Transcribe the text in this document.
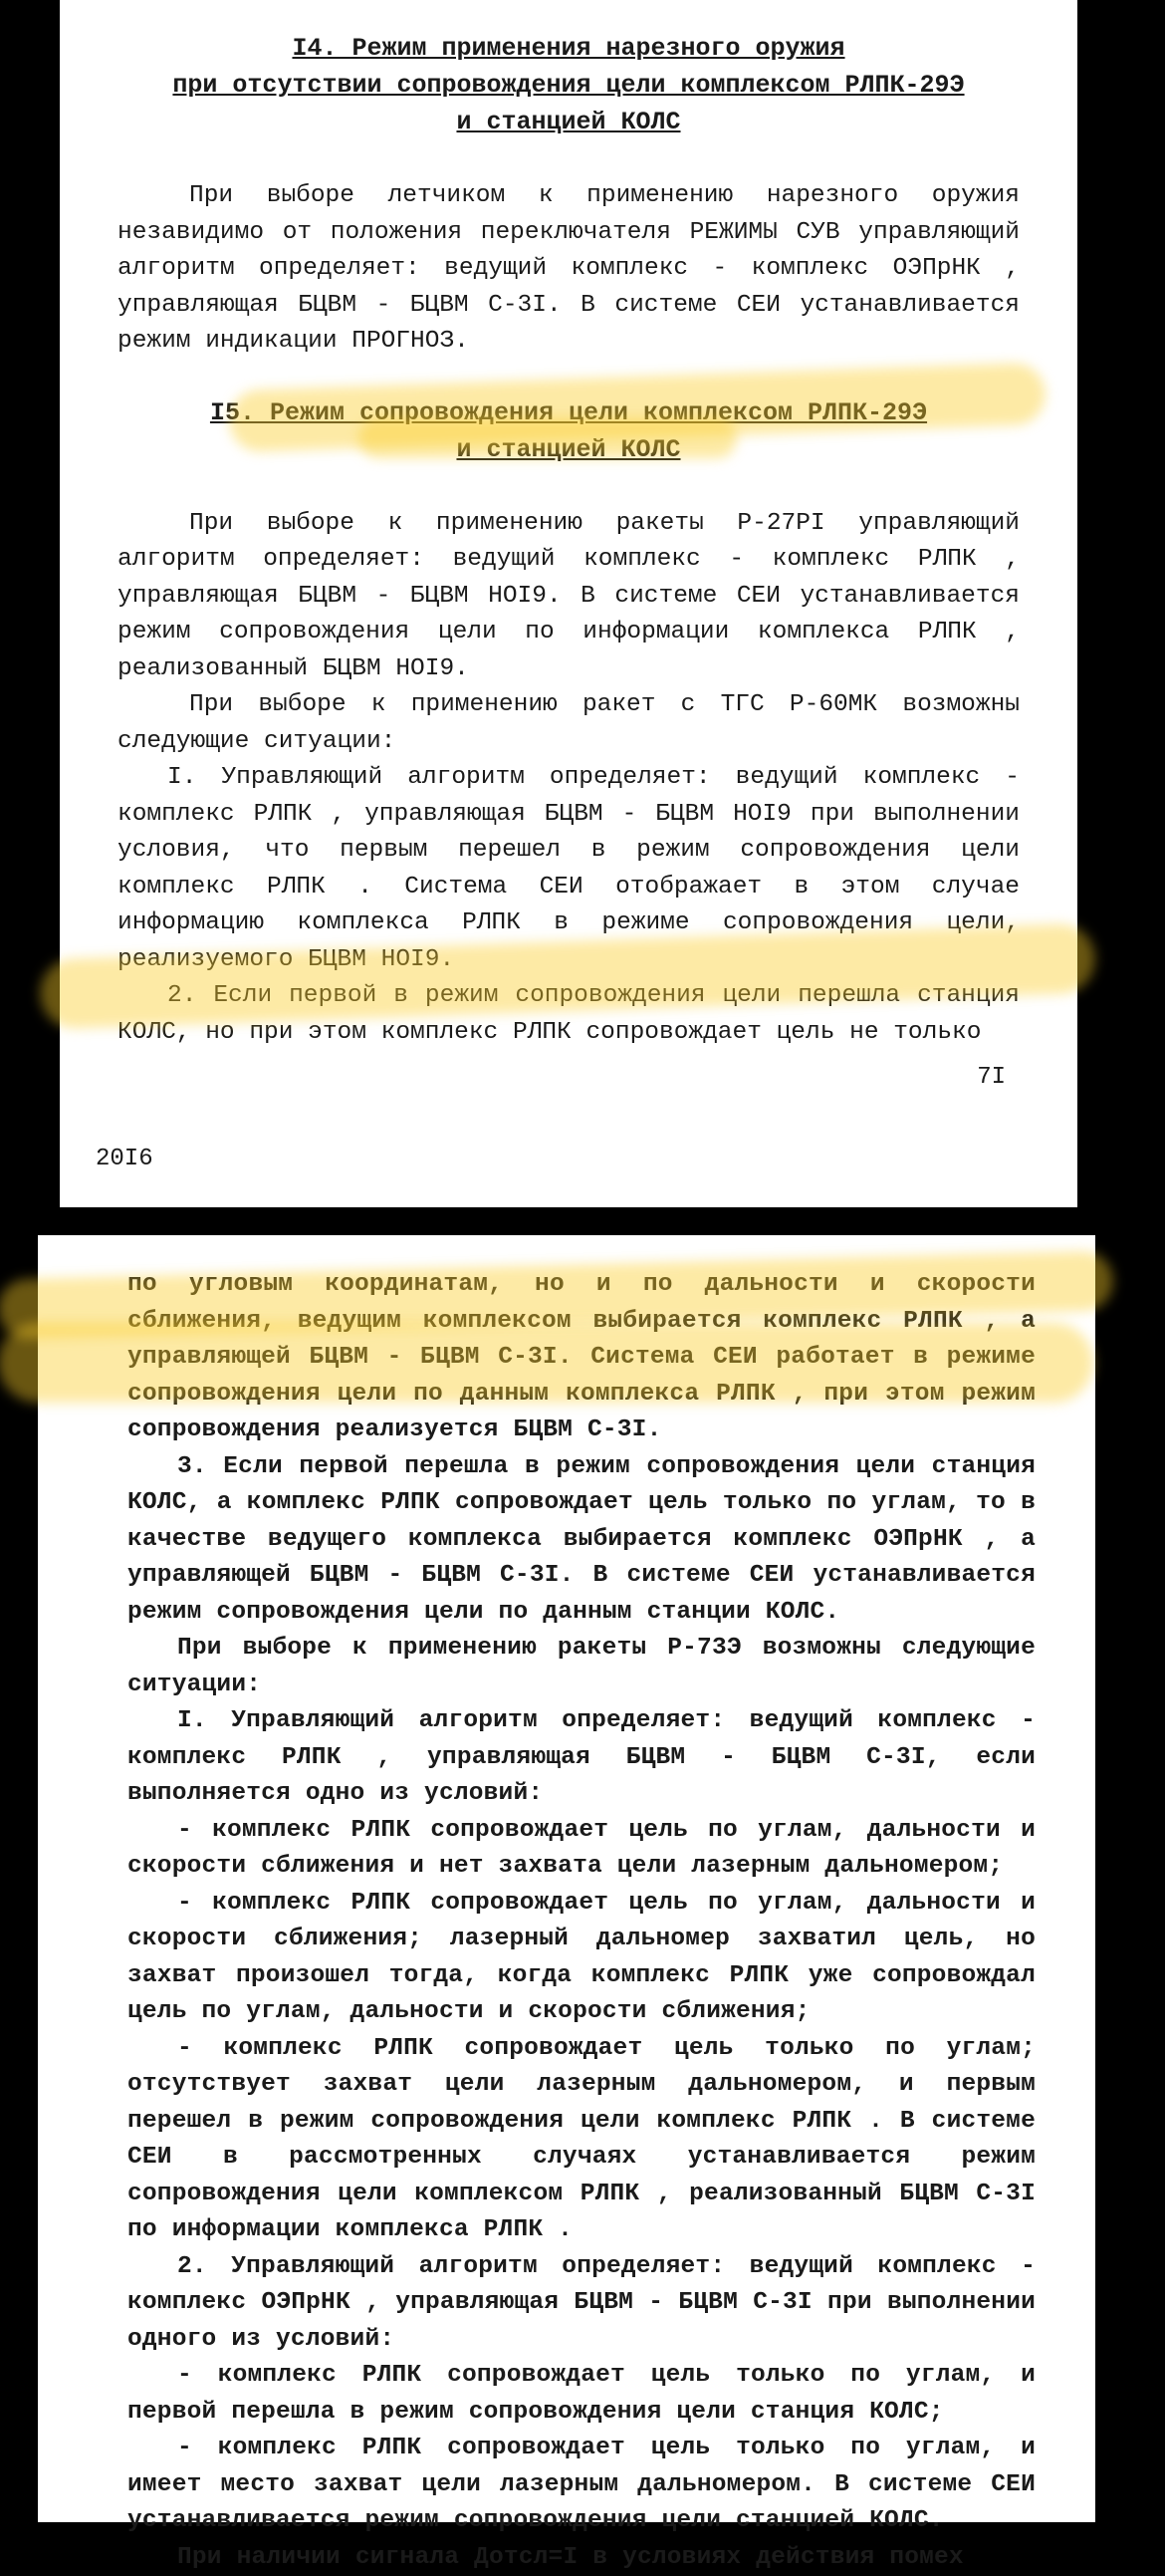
I4. Режим применения нарезного оружия
при отсутствии сопровождения цели комплексом РЛПК-29Э
и станцией КОЛС

При выборе летчиком к применению нарезного оружия незавидимо от положения переключателя РЕЖИМЫ СУВ управляющий алгоритм определяет: ведущий комплекс - комплекс ОЭПрНК , управляющая БЦВМ - БЦВМ С-3I. В системе СЕИ устанавливается режим индикации ПРОГНОЗ.

I5. Режим сопровождения цели комплексом РЛПК-29Э
и станцией КОЛС

При выборе к применению ракеты Р-27РI управляющий алгоритм определяет: ведущий комплекс - комплекс РЛПК , управляющая БЦВМ - БЦВМ НОI9. В системе СЕИ устанавливается режим сопровождения цели по информации комплекса РЛПК , реализованный БЦВМ НОI9.

При выборе к применению ракет с ТГС Р-60МК возможны следующие ситуации:

I. Управляющий алгоритм определяет: ведущий комплекс - комплекс РЛПК , управляющая БЦВМ - БЦВМ НОI9 при выполнении условия, что первым перешел в режим сопровождения цели комплекс РЛПК . Система СЕИ отображает в этом случае информацию комплекса РЛПК в режиме сопровождения цели, реализуемого БЦВМ НОI9.

2. Если первой в режим сопровождения цели перешла станция КОЛС, но при этом комплекс РЛПК сопровождает цель не только

7I
20I6

по угловым координатам, но и по дальности и скорости сближения, ведущим комплексом выбирается комплекс РЛПК , а управляющей БЦВМ - БЦВМ С-3I. Система СЕИ работает в режиме сопровождения цели по данным комплекса РЛПК , при этом режим сопровождения реализуется БЦВМ С-3I.

3. Если первой перешла в режим сопровождения цели станция КОЛС, а комплекс РЛПК сопровождает цель только по углам, то в качестве ведущего комплекса выбирается комплекс ОЭПрНК , а управляющей БЦВМ - БЦВМ С-3I. В системе СЕИ устанавливается режим сопровождения цели по данным станции КОЛС.

При выборе к применению ракеты Р-73Э возможны следующие ситуации:

I. Управляющий алгоритм определяет: ведущий комплекс - комплекс РЛПК , управляющая БЦВМ - БЦВМ С-3I, если выполняется одно из условий:

- комплекс РЛПК сопровождает цель по углам, дальности и скорости сближения и нет захвата цели лазерным дальномером;

- комплекс РЛПК сопровождает цель по углам, дальности и скорости сближения; лазерный дальномер захватил цель, но захват произошел тогда, когда комплекс РЛПК уже сопровождал цель по углам, дальности и скорости сближения;

- комплекс РЛПК сопровождает цель только по углам; отсутствует захват цели лазерным дальномером, и первым перешел в режим сопровождения цели комплекс РЛПК . В системе СЕИ в рассмотренных случаях устанавливается режим сопровождения цели комплексом РЛПК , реализованный БЦВМ С-3I по информации комплекса РЛПК .

2. Управляющий алгоритм определяет: ведущий комплекс - комплекс ОЭПрНК , управляющая БЦВМ - БЦВМ С-3I при выполнении одного из условий:

- комплекс РЛПК сопровождает цель только по углам, и первой перешла в режим сопровождения цели станция КОЛС;

- комплекс РЛПК сопровождает цель только по углам, и имеет место захват цели лазерным дальномером. В системе СЕИ устанавливается режим сопровождения цели станцией КОЛС.

При наличии сигнала Дотсл=I в условиях действия помех
